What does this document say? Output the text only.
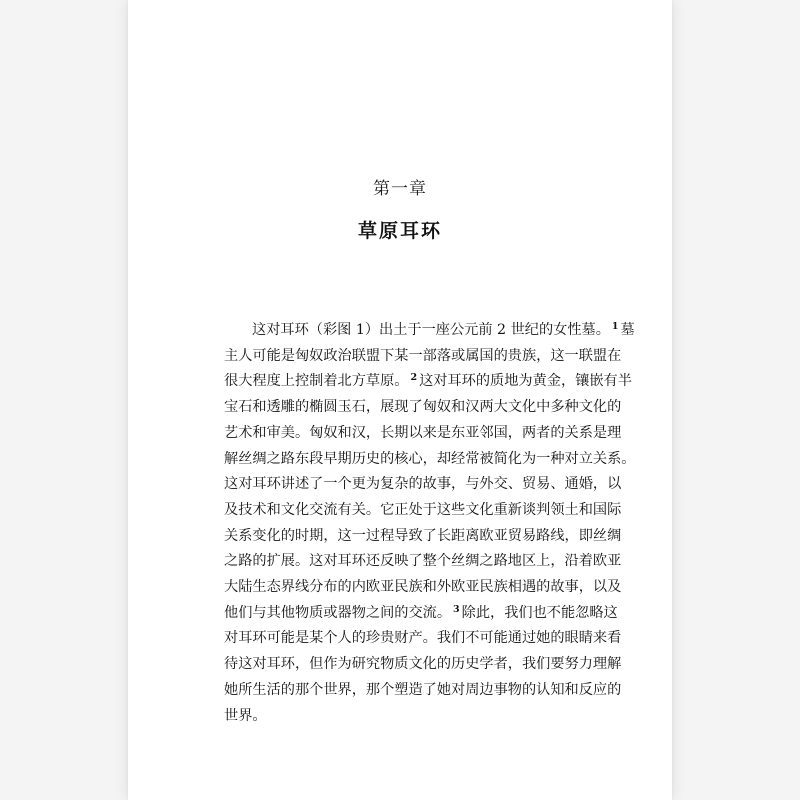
第一章
草原耳环
这对耳环（彩图 1）出土于一座公元前 2 世纪的女性墓。 $^1$ 墓
主人可能是匈奴政治联盟下某一部落或属国的贵族，这一联盟在
很大程度上控制着北方草原。 $^2$ 这对耳环的质地为黄金，镶嵌有半
宝石和透雕的椭圆玉石，展现了匈奴和汉两大文化中多种文化的
艺术和审美。匈奴和汉，长期以来是东亚邻国，两者的关系是理
解丝绸之路东段早期历史的核心，却经常被简化为一种对立关系。
这对耳环讲述了一个更为复杂的故事，与外交、贸易、通婚，以
及技术和文化交流有关。它正处于这些文化重新谈判领土和国际
关系变化的时期，这一过程导致了长距离欧亚贸易路线，即丝绸
之路的扩展。这对耳环还反映了整个丝绸之路地区上，沿着欧亚
大陆生态界线分布的内欧亚民族和外欧亚民族相遇的故事，以及
他们与其他物质或器物之间的交流。 $^3$ 除此，我们也不能忽略这
对耳环可能是某个人的珍贵财产。我们不可能通过她的眼睛来看
待这对耳环，但作为研究物质文化的历史学者，我们要努力理解
她所生活的那个世界，那个塑造了她对周边事物的认知和反应的
世界。
